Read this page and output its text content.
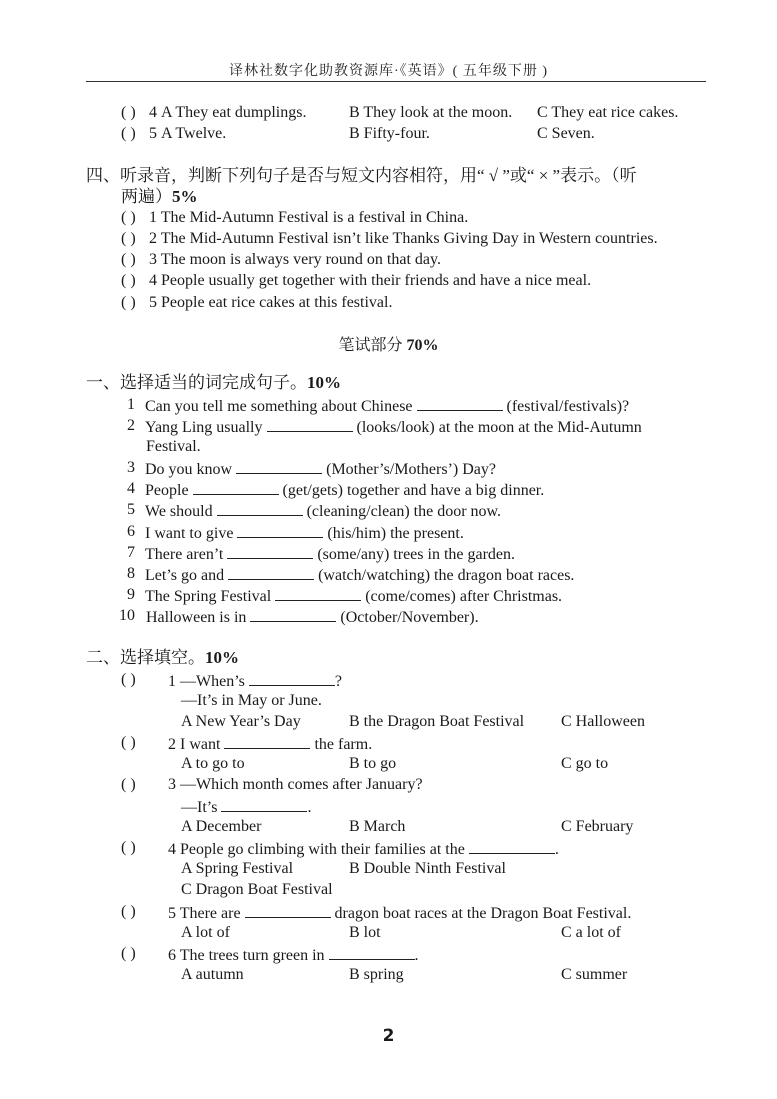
译林社数字化助教资源库·《英语》( 五年级下册 )
( ) 4 A They eat dumplings.	B They look at the moon. C They eat rice cakes.
( ) 5 A Twelve.	B Fifty-four.	C Seven.
四、听录音，判断下列句子是否与短文内容相符，用“ √ ”或“ × ”表示。（听
两遍）5%
( ) 1 The Mid-Autumn Festival is a festival in China.
( ) 2 The Mid-Autumn Festival isn’t like Thanks Giving Day in Western countries.
( ) 3 The moon is always very round on that day.
( ) 4 People usually get together with their friends and have a nice meal.
( ) 5 People eat rice cakes at this festival.
笔试部分 70%
一、选择适当的词完成句子。10%
1 Can you tell me something about Chinese	(festival/festivals)?
2 Yang Ling usually	(looks/look) at the moon at the Mid-Autumn
Festival.
3 Do you know	(Mother’s/Mothers’) Day?
4 People	(get/gets) together and have a big dinner.
5 We should	(cleaning/clean) the door now.
6 I want to give	(his/him) the present.
7 There aren’t	(some/any) trees in the garden.
8 Let’s go and	(watch/watching) the dragon boat races.
9 The Spring Festival	(come/comes) after Christmas.
10 Halloween is in	(October/November).
二、选择填空。10%
( ) 1 —When’s	?
—It’s in May or June.
A New Year’s Day	B the Dragon Boat Festival C Halloween
( ) 2 I want	the farm.
A to go to	B to go	C go to
( ) 3 —Which month comes after January?
—It’s	.
A December	B March	C February
( ) 4 People go climbing with their families at the	.
A Spring Festival	B Double Ninth Festival
C Dragon Boat Festival
( ) 5 There are	dragon boat races at the Dragon Boat Festival.
A lot of	B lot	C a lot of
( ) 6 The trees turn green in	.
A autumn	B spring	C summer
2
